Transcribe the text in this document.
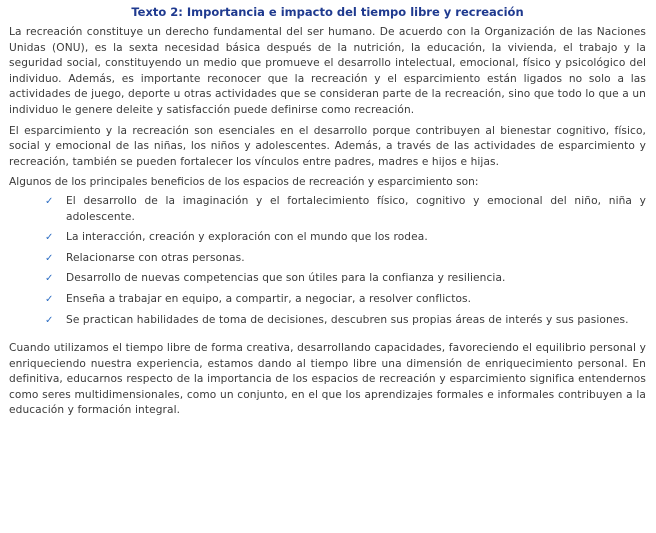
Texto 2: Importancia e impacto del tiempo libre y recreación

La recreación constituye un derecho fundamental del ser humano. De acuerdo con la Organización de las Naciones Unidas (ONU), es la sexta necesidad básica después de la nutrición, la educación, la vivienda, el trabajo y la seguridad social, constituyendo un medio que promueve el desarrollo intelectual, emocional, físico y psicológico del individuo. Además, es importante reconocer que la recreación y el esparcimiento están ligados no solo a las actividades de juego, deporte u otras actividades que se consideran parte de la recreación, sino que todo lo que a un individuo le genere deleite y satisfacción puede definirse como recreación.

El esparcimiento y la recreación son esenciales en el desarrollo porque contribuyen al bienestar cognitivo, físico, social y emocional de las niñas, los niños y adolescentes. Además, a través de las actividades de esparcimiento y recreación, también se pueden fortalecer los vínculos entre padres, madres e hijos e hijas.

Algunos de los principales beneficios de los espacios de recreación y esparcimiento son:

✓ El desarrollo de la imaginación y el fortalecimiento físico, cognitivo y emocional del niño, niña y adolescente.
✓ La interacción, creación y exploración con el mundo que los rodea.
✓ Relacionarse con otras personas.
✓ Desarrollo de nuevas competencias que son útiles para la confianza y resiliencia.
✓ Enseña a trabajar en equipo, a compartir, a negociar, a resolver conflictos.
✓ Se practican habilidades de toma de decisiones, descubren sus propias áreas de interés y sus pasiones.

Cuando utilizamos el tiempo libre de forma creativa, desarrollando capacidades, favoreciendo el equilibrio personal y enriqueciendo nuestra experiencia, estamos dando al tiempo libre una dimensión de enriquecimiento personal. En definitiva, educarnos respecto de la importancia de los espacios de recreación y esparcimiento significa entendernos como seres multidimensionales, como un conjunto, en el que los aprendizajes formales e informales contribuyen a la educación y formación integral.
